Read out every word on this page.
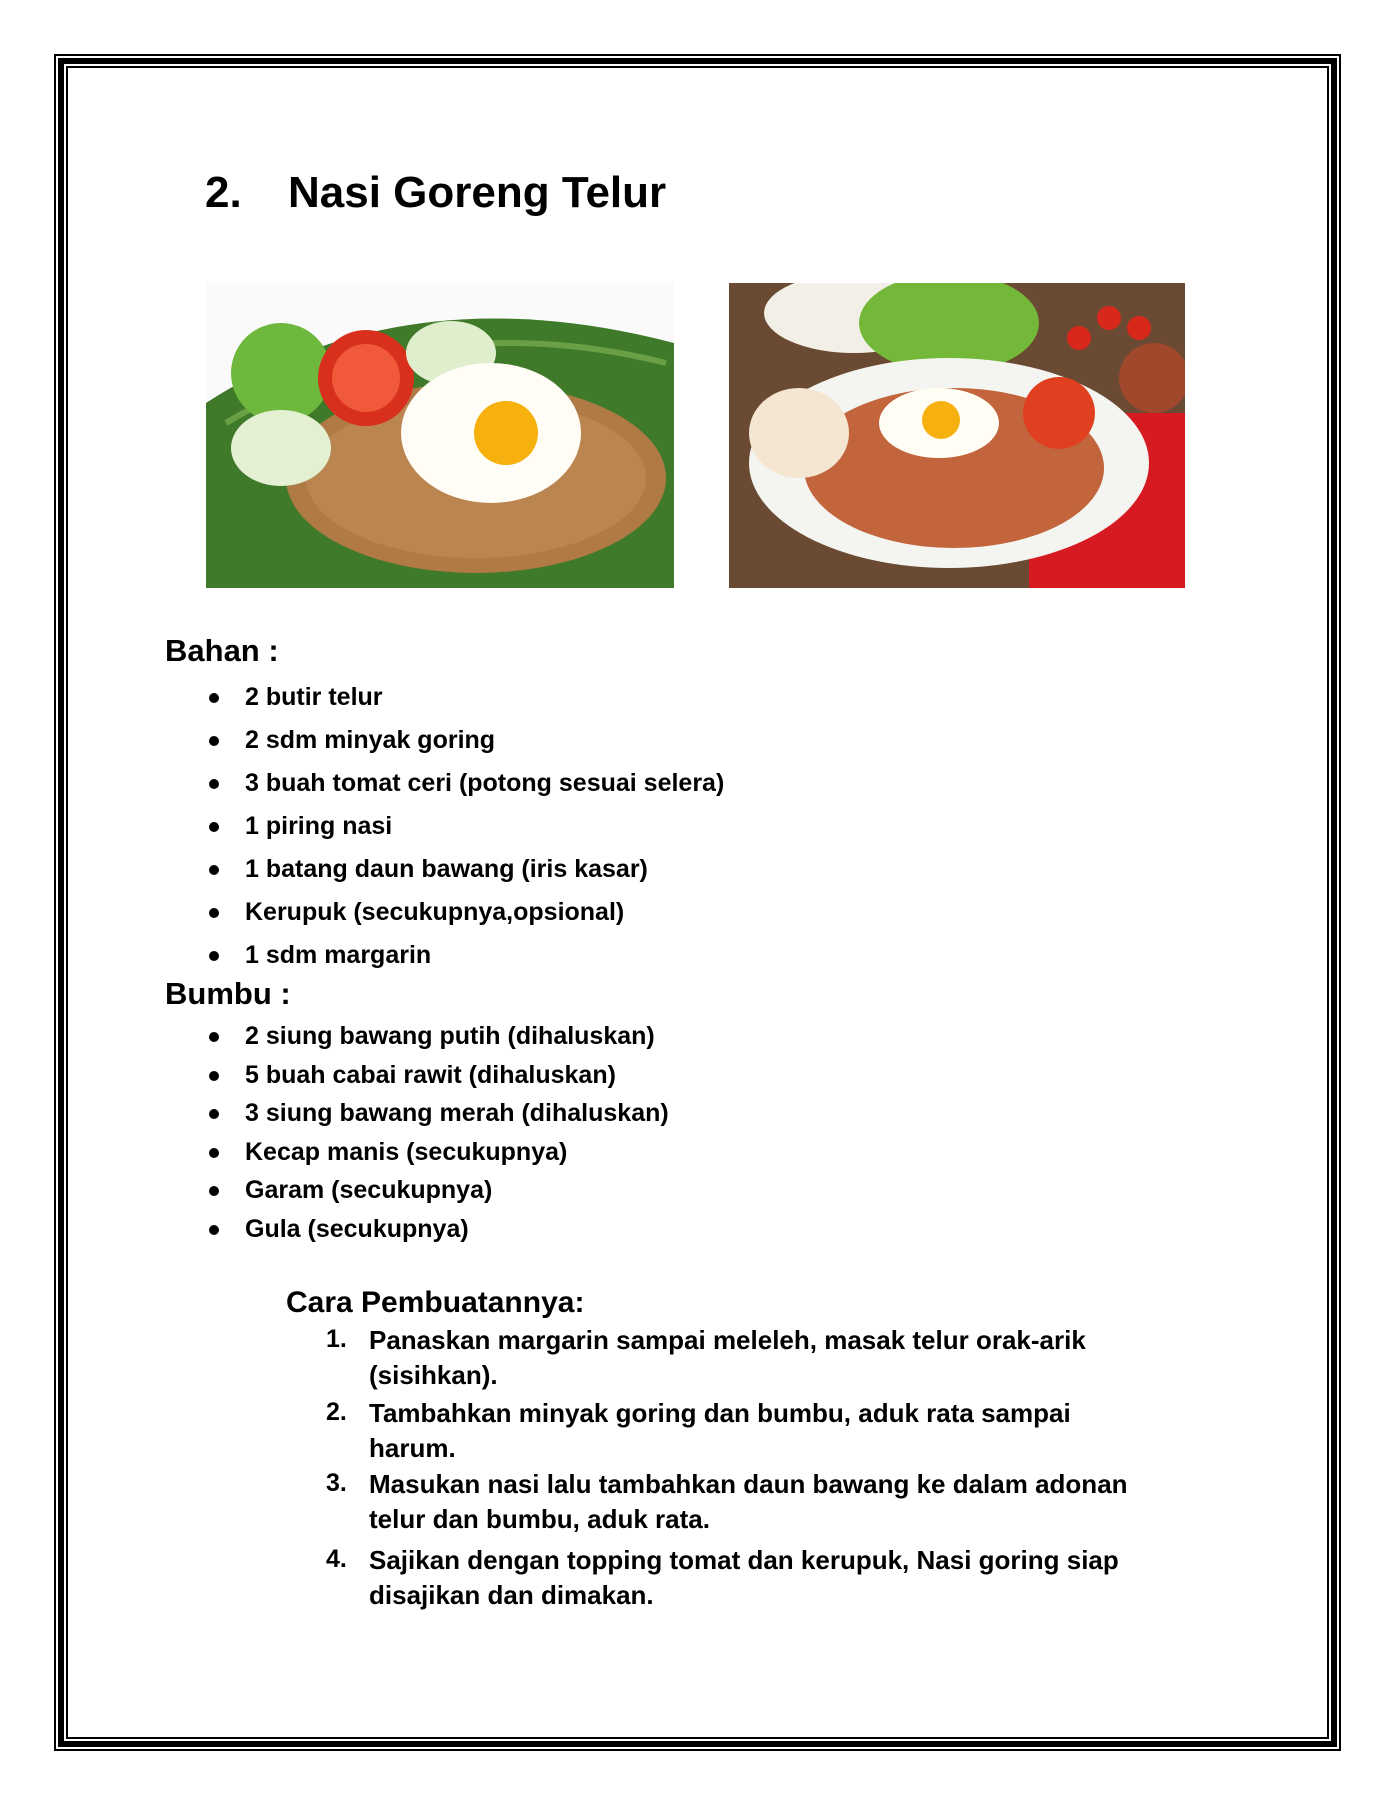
2. Nasi Goreng Telur
Bahan :
2 butir telur
2 sdm minyak goring
3 buah tomat ceri (potong sesuai selera)
1 piring nasi
1 batang daun bawang (iris kasar)
Kerupuk (secukupnya,opsional)
1 sdm margarin
Bumbu :
2 siung bawang putih (dihaluskan)
5 buah cabai rawit (dihaluskan)
3 siung bawang merah (dihaluskan)
Kecap manis (secukupnya)
Garam (secukupnya)
Gula (secukupnya)
Cara Pembuatannya:
1. Panaskan margarin sampai meleleh, masak telur orak-arik
(sisihkan).
2. Tambahkan minyak goring dan bumbu, aduk rata sampai
harum.
3. Masukan nasi lalu tambahkan daun bawang ke dalam adonan
telur dan bumbu, aduk rata.
4. Sajikan dengan topping tomat dan kerupuk, Nasi goring siap
disajikan dan dimakan.
